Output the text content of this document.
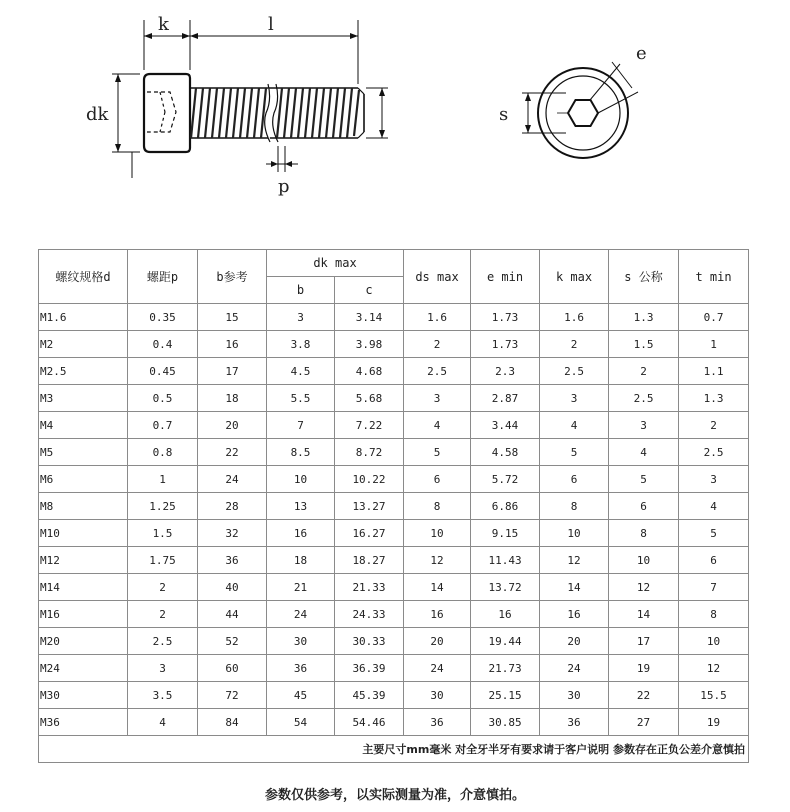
k	l
dk
p
e
s
螺纹规格d	螺距p	b参考	dk max		ds max	e min	k max	s 公称	t min
			b	c					
M1.6	0.35	15	3	3.14	1.6	1.73	1.6	1.3	0.7
M2	0.4	16	3.8	3.98	2	1.73	2	1.5	1
M2.5	0.45	17	4.5	4.68	2.5	2.3	2.5	2	1.1
M3	0.5	18	5.5	5.68	3	2.87	3	2.5	1.3
M4	0.7	20	7	7.22	4	3.44	4	3	2
M5	0.8	22	8.5	8.72	5	4.58	5	4	2.5
M6	1	24	10	10.22	6	5.72	6	5	3
M8	1.25	28	13	13.27	8	6.86	8	6	4
M10	1.5	32	16	16.27	10	9.15	10	8	5
M12	1.75	36	18	18.27	12	11.43	12	10	6
M14	2	40	21	21.33	14	13.72	14	12	7
M16	2	44	24	24.33	16	16	16	14	8
M20	2.5	52	30	30.33	20	19.44	20	17	10
M24	3	60	36	36.39	24	21.73	24	19	12
M30	3.5	72	45	45.39	30	25.15	30	22	15.5
M36	4	84	54	54.46	36	30.85	36	27	19
主要尺寸mm毫米 对全牙半牙有要求请于客户说明 参数存在正负公差介意慎拍									
参数仅供参考，以实际测量为准，介意慎拍。
